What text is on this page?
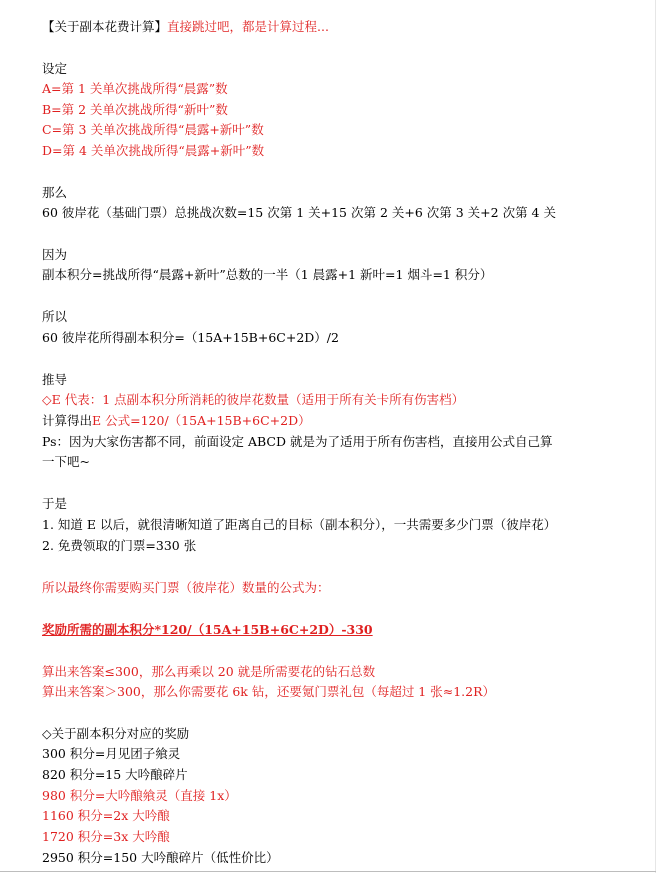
【关于副本花费计算】直接跳过吧，都是计算过程...
设定
A=第 1 关单次挑战所得“晨露”数
B=第 2 关单次挑战所得“新叶”数
C=第 3 关单次挑战所得“晨露+新叶”数
D=第 4 关单次挑战所得“晨露+新叶”数
那么
60 彼岸花（基础门票）总挑战次数=15 次第 1 关+15 次第 2 关+6 次第 3 关+2 次第 4 关
因为
副本积分=挑战所得“晨露+新叶”总数的一半（1 晨露+1 新叶=1 烟斗=1 积分）
所以
60 彼岸花所得副本积分=（15A+15B+6C+2D）/2
推导
◇E 代表：1 点副本积分所消耗的彼岸花数量（适用于所有关卡所有伤害档）
计算得出E 公式=120/（15A+15B+6C+2D）
Ps：因为大家伤害都不同，前面设定 ABCD 就是为了适用于所有伤害档，直接用公式自己算
一下吧~
于是
1. 知道 E 以后，就很清晰知道了距离自己的目标（副本积分），一共需要多少门票（彼岸花）
2. 免费领取的门票=330 张
所以最终你需要购买门票（彼岸花）数量的公式为：
奖励所需的副本积分*120/（15A+15B+6C+2D）-330
算出来答案≤300，那么再乘以 20 就是所需要花的钻石总数
算出来答案＞300，那么你需要花 6k 钻，还要氪门票礼包（每超过 1 张≈1.2R）
◇关于副本积分对应的奖励
300 积分=月见团子飨灵
820 积分=15 大吟酿碎片
980 积分=大吟酿飨灵（直接 1x）
1160 积分=2x 大吟酿
1720 积分=3x 大吟酿
2950 积分=150 大吟酿碎片（低性价比）
